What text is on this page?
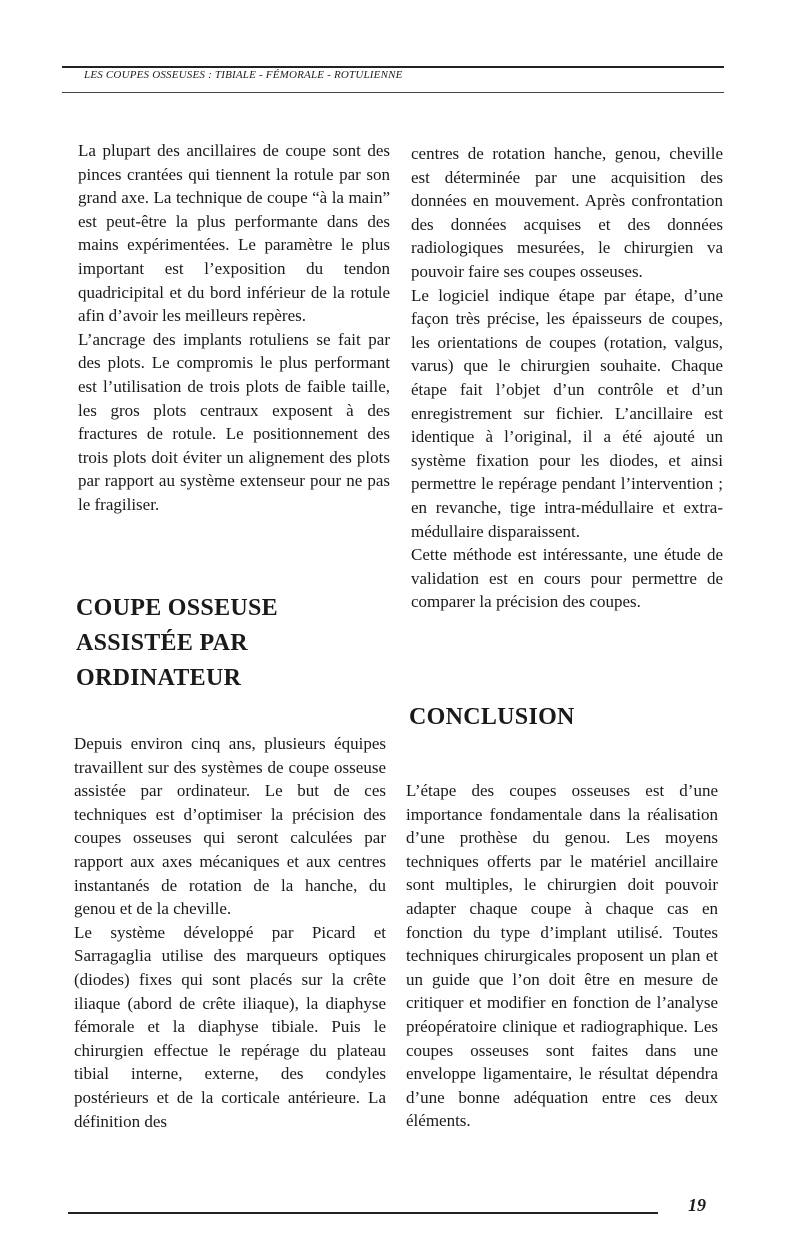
LES COUPES OSSEUSES : TIBIALE - FÉMORALE - ROTULIENNE

La plupart des ancillaires de coupe sont des pinces crantées qui tiennent la rotule par son grand axe. La technique de coupe “à la main” est peut-être la plus performante dans des mains expérimentées. Le paramètre le plus important est l’exposition du tendon quadricipital et du bord inférieur de la rotule afin d’avoir les meilleurs repères.

L’ancrage des implants rotuliens se fait par des plots. Le compromis le plus performant est l’utilisation de trois plots de faible taille, les gros plots centraux exposent à des fractures de rotule. Le positionnement des trois plots doit éviter un alignement des plots par rapport au système extenseur pour ne pas le fragiliser.

COUPE OSSEUSE
ASSISTÉE PAR
ORDINATEUR

Depuis environ cinq ans, plusieurs équipes travaillent sur des systèmes de coupe osseuse assistée par ordinateur. Le but de ces techniques est d’optimiser la précision des coupes osseuses qui seront calculées par rapport aux axes mécaniques et aux centres instantanés de rotation de la hanche, du genou et de la cheville.

Le système développé par Picard et Sarragaglia utilise des marqueurs optiques (diodes) fixes qui sont placés sur la crête iliaque (abord de crête iliaque), la diaphyse fémorale et la diaphyse tibiale. Puis le chirurgien effectue le repérage du plateau tibial interne, externe, des condyles postérieurs et de la corticale antérieure. La définition des

centres de rotation hanche, genou, cheville est déterminée par une acquisition des données en mouvement. Après confrontation des données acquises et des données radiologiques mesurées, le chirurgien va pouvoir faire ses coupes osseuses.

Le logiciel indique étape par étape, d’une façon très précise, les épaisseurs de coupes, les orientations de coupes (rotation, valgus, varus) que le chirurgien souhaite. Chaque étape fait l’objet d’un contrôle et d’un enregistrement sur fichier. L’ancillaire est identique à l’original, il a été ajouté un système fixation pour les diodes, et ainsi permettre le repérage pendant l’intervention ; en revanche, tige intra-médullaire et extra-médullaire disparaissent.

Cette méthode est intéressante, une étude de validation est en cours pour permettre de comparer la précision des coupes.

CONCLUSION

L’étape des coupes osseuses est d’une importance fondamentale dans la réalisation d’une prothèse du genou. Les moyens techniques offerts par le matériel ancillaire sont multiples, le chirurgien doit pouvoir adapter chaque coupe à chaque cas en fonction du type d’implant utilisé. Toutes techniques chirurgicales proposent un plan et un guide que l’on doit être en mesure de critiquer et modifier en fonction de l’analyse préopératoire clinique et radiographique. Les coupes osseuses sont faites dans une enveloppe ligamentaire, le résultat dépendra d’une bonne adéquation entre ces deux éléments.

19
